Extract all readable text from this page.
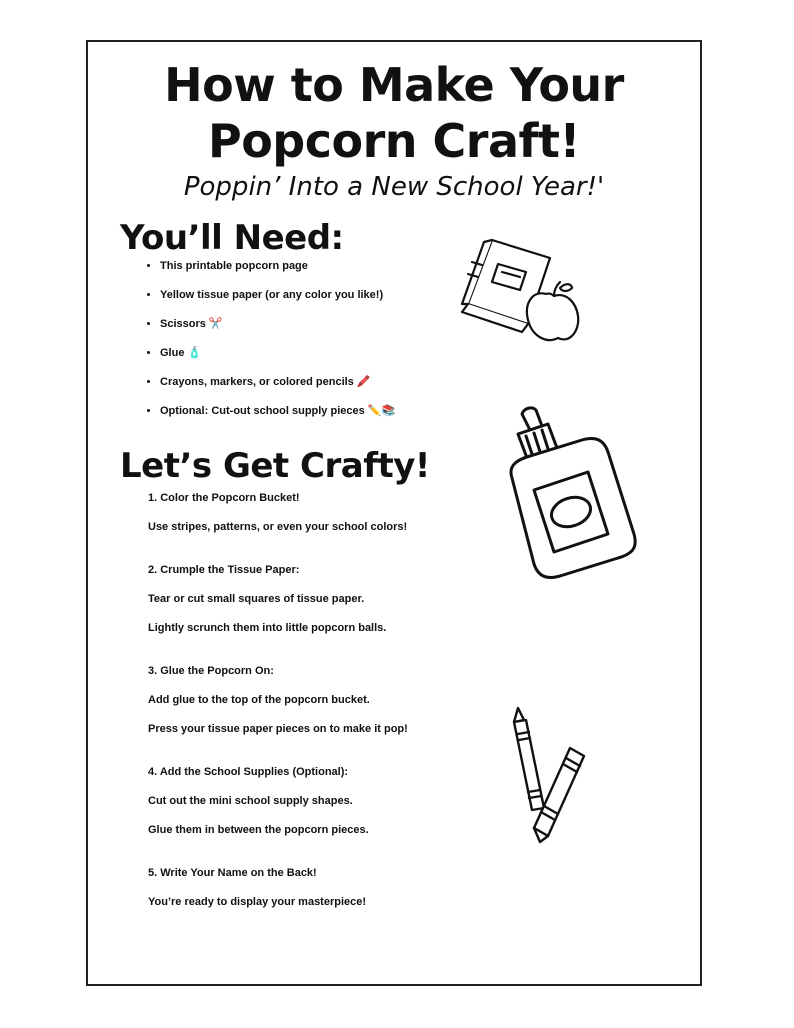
How to Make Your
Popcorn Craft!
Poppin’ Into a New School Year!'
You’ll Need:
• This printable popcorn page
• Yellow tissue paper (or any color you like!)
• Scissors ✂️
• Glue 🧴
• Crayons, markers, or colored pencils 🖍️
• Optional: Cut-out school supply pieces ✏️📚
Let’s Get Crafty!
1. Color the Popcorn Bucket!
Use stripes, patterns, or even your school colors!
2. Crumple the Tissue Paper:
Tear or cut small squares of tissue paper.
Lightly scrunch them into little popcorn balls.
3. Glue the Popcorn On:
Add glue to the top of the popcorn bucket.
Press your tissue paper pieces on to make it pop!
4. Add the School Supplies (Optional):
Cut out the mini school supply shapes.
Glue them in between the popcorn pieces.
5. Write Your Name on the Back!
You’re ready to display your masterpiece!
